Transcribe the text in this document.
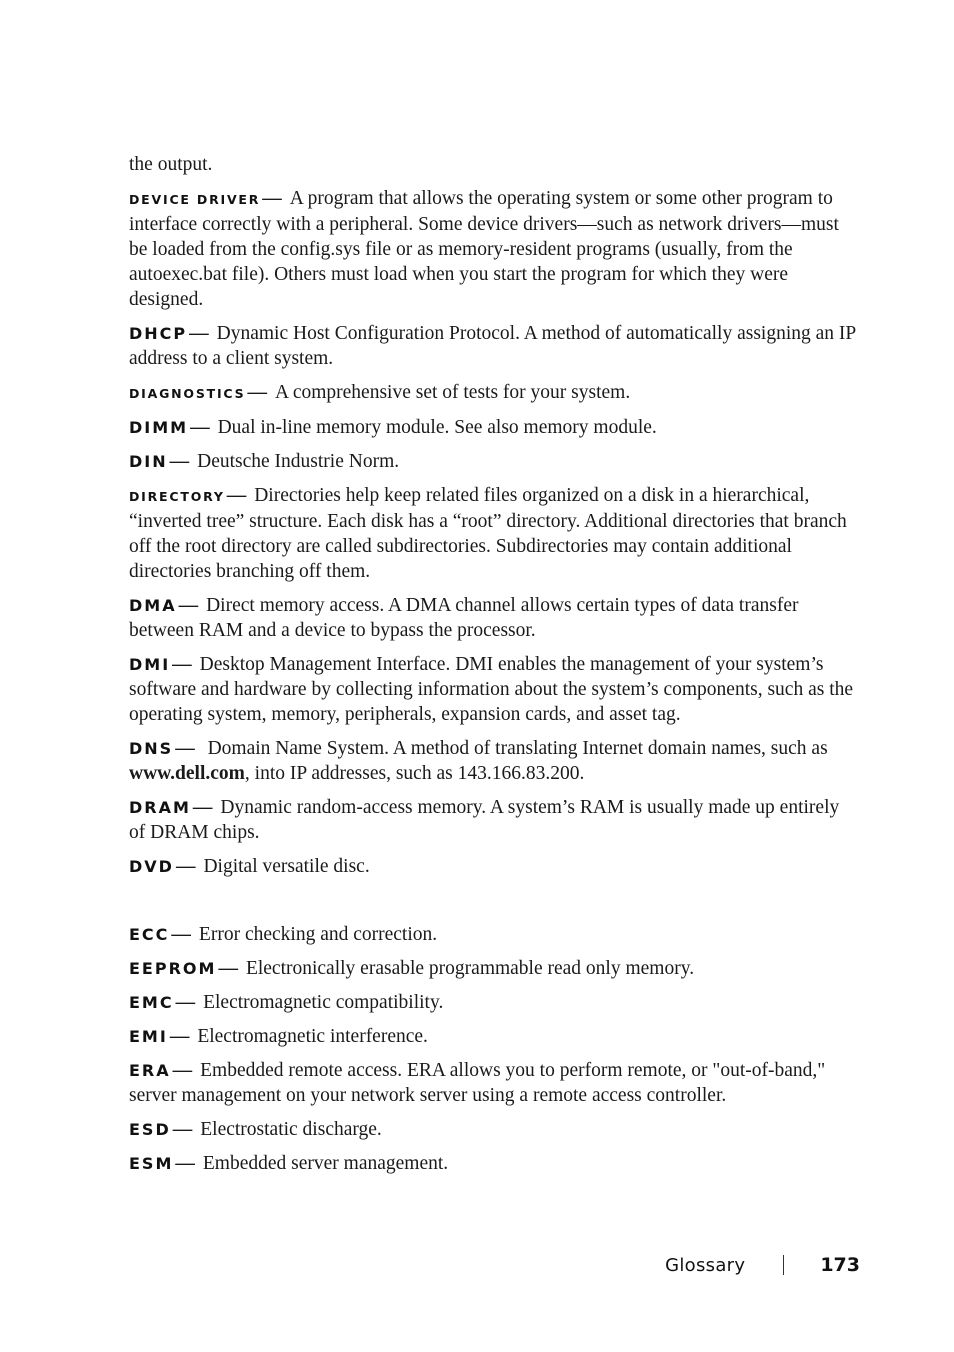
the output.

DEVICE DRIVER — A program that allows the operating system or some other program to interface correctly with a peripheral. Some device drivers—such as network drivers—must be loaded from the config.sys file or as memory-resident programs (usually, from the autoexec.bat file). Others must load when you start the program for which they were designed.

DHCP — Dynamic Host Configuration Protocol. A method of automatically assigning an IP address to a client system.

DIAGNOSTICS — A comprehensive set of tests for your system.

DIMM — Dual in-line memory module. See also memory module.

DIN — Deutsche Industrie Norm.

DIRECTORY — Directories help keep related files organized on a disk in a hierarchical, “inverted tree” structure. Each disk has a “root” directory. Additional directories that branch off the root directory are called subdirectories. Subdirectories may contain additional directories branching off them.

DMA — Direct memory access. A DMA channel allows certain types of data transfer between RAM and a device to bypass the processor.

DMI — Desktop Management Interface. DMI enables the management of your system’s software and hardware by collecting information about the system’s components, such as the operating system, memory, peripherals, expansion cards, and asset tag.

DNS — Domain Name System. A method of translating Internet domain names, such as www.dell.com, into IP addresses, such as 143.166.83.200.

DRAM — Dynamic random-access memory. A system’s RAM is usually made up entirely of DRAM chips.

DVD — Digital versatile disc.

ECC — Error checking and correction.

EEPROM — Electronically erasable programmable read only memory.

EMC — Electromagnetic compatibility.

EMI — Electromagnetic interference.

ERA — Embedded remote access. ERA allows you to perform remote, or "out-of-band," server management on your network server using a remote access controller.

ESD — Electrostatic discharge.

ESM — Embedded server management.

Glossary	173
